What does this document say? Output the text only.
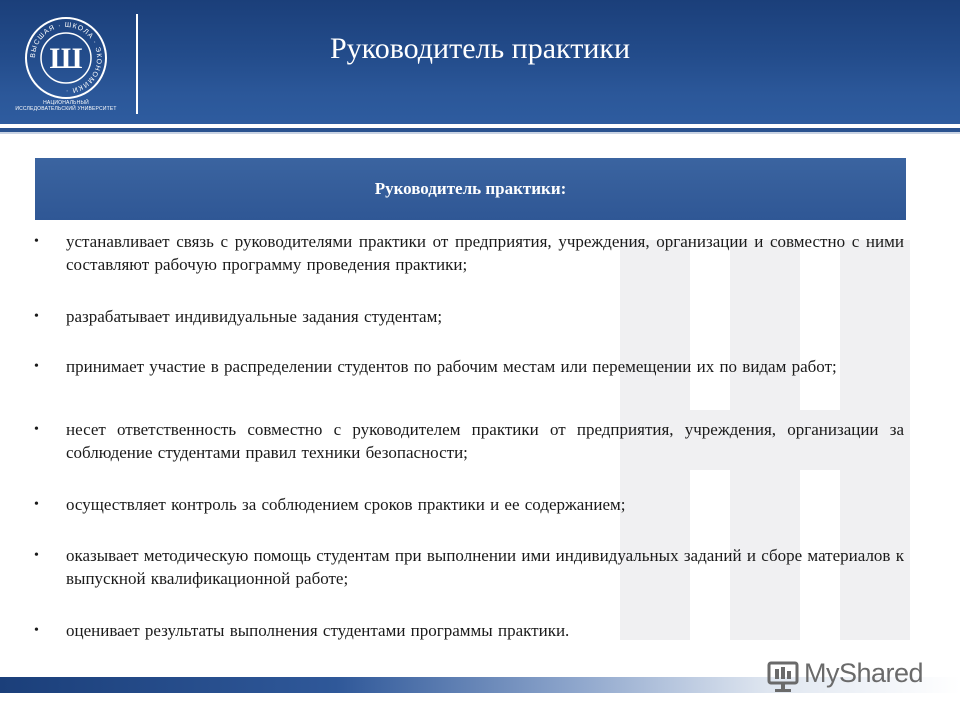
ВЫСШАЯ · ШКОЛА · ЭКОНОМИКИ ·
Ш
НАЦИОНАЛЬНЫЙ ИССЛЕДОВАТЕЛЬСКИЙ УНИВЕРСИТЕТ
Руководитель практики
Руководитель практики:
• устанавливает связь с руководителями практики от предприятия, учреждения, организации и совместно с ними составляют рабочую программу проведения практики;
• разрабатывает индивидуальные задания студентам;
• принимает участие в распределении студентов по рабочим местам или перемещении их по видам работ;
• несет ответственность совместно с руководителем практики от предприятия, учреждения, организации за соблюдение студентами правил техники безопасности;
• осуществляет контроль за соблюдением сроков практики и ее содержанием;
• оказывает методическую помощь студентам при выполнении ими индивидуальных заданий и сборе материалов к выпускной квалификационной работе;
• оценивает результаты выполнения студентами программы практики.
MyShared
